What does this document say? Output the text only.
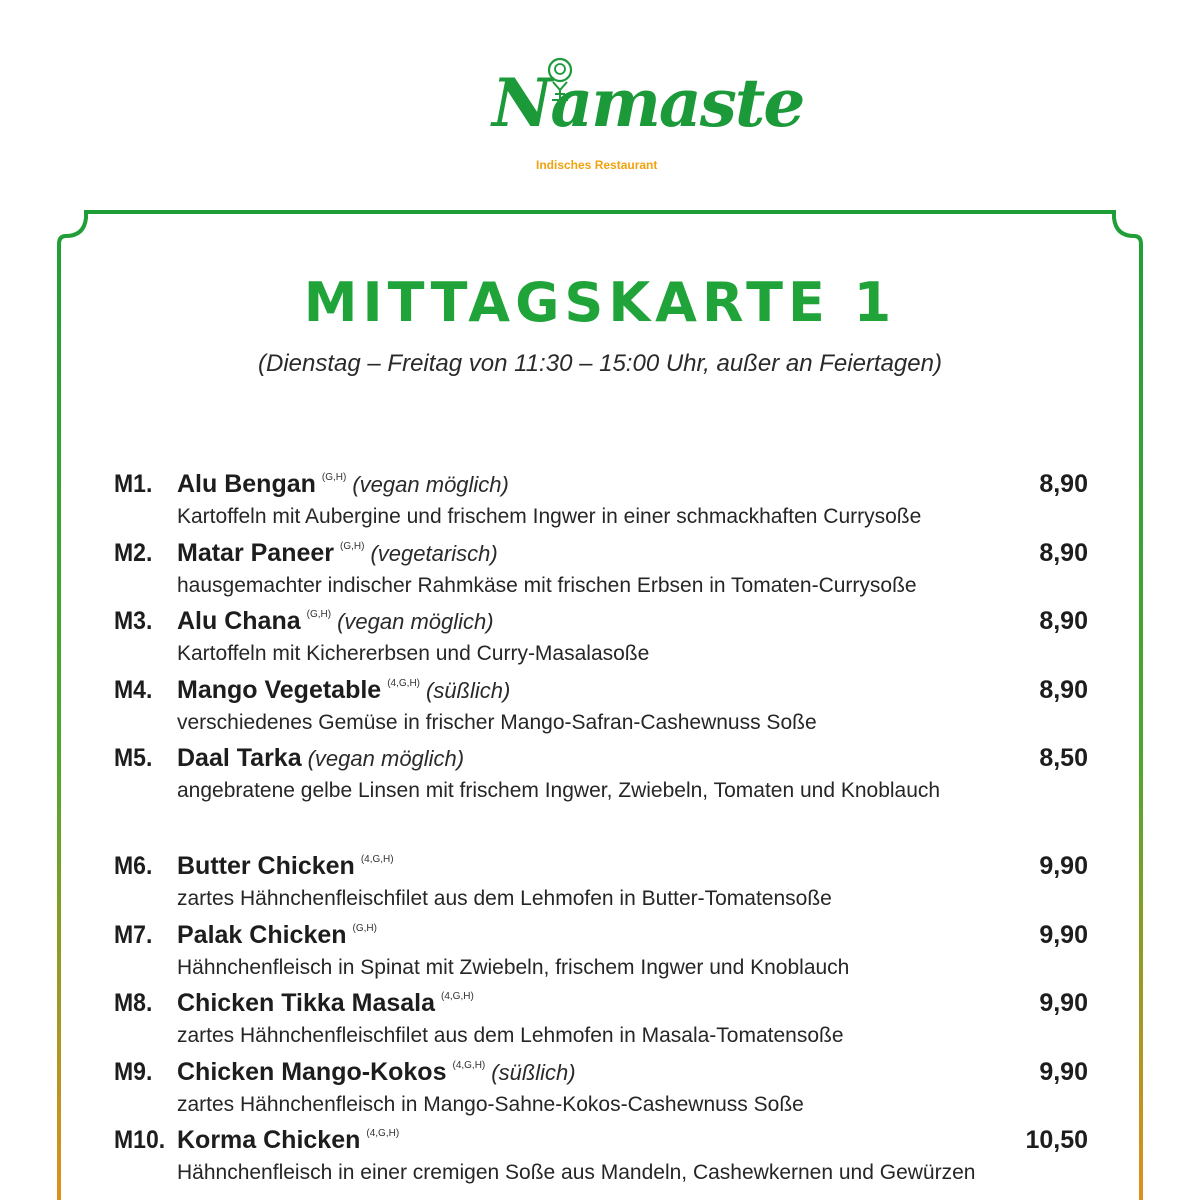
Namaste
Indisches Restaurant
MITTAGSKARTE 1
(Dienstag – Freitag von 11:30 – 15:00 Uhr, außer an Feiertagen)
M1. Alu Bengan $^{(G,H)}$ (vegan möglich)	8,90
Kartoffeln mit Aubergine und frischem Ingwer in einer schmackhaften Currysoße
M2. Matar Paneer $^{(G,H)}$ (vegetarisch)	8,90
hausgemachter indischer Rahmkäse mit frischen Erbsen in Tomaten-Currysoße
M3. Alu Chana $^{(G,H)}$ (vegan möglich)	8,90
Kartoffeln mit Kichererbsen und Curry-Masalasoße
M4. Mango Vegetable $^{(4,G,H)}$ (süßlich)	8,90
verschiedenes Gemüse in frischer Mango-Safran-Cashewnuss Soße
M5. Daal Tarka (vegan möglich)	8,50
angebratene gelbe Linsen mit frischem Ingwer, Zwiebeln, Tomaten und Knoblauch
M6. Butter Chicken $^{(4,G,H)}$	9,90
zartes Hähnchenfleischfilet aus dem Lehmofen in Butter-Tomatensoße
M7. Palak Chicken $^{(G,H)}$	9,90
Hähnchenfleisch in Spinat mit Zwiebeln, frischem Ingwer und Knoblauch
M8. Chicken Tikka Masala $^{(4,G,H)}$	9,90
zartes Hähnchenfleischfilet aus dem Lehmofen in Masala-Tomatensoße
M9. Chicken Mango-Kokos $^{(4,G,H)}$ (süßlich)	9,90
zartes Hähnchenfleisch in Mango-Sahne-Kokos-Cashewnuss Soße
M10. Korma Chicken $^{(4,G,H)}$	10,50
Hähnchenfleisch in einer cremigen Soße aus Mandeln, Cashewkernen und Gewürzen
